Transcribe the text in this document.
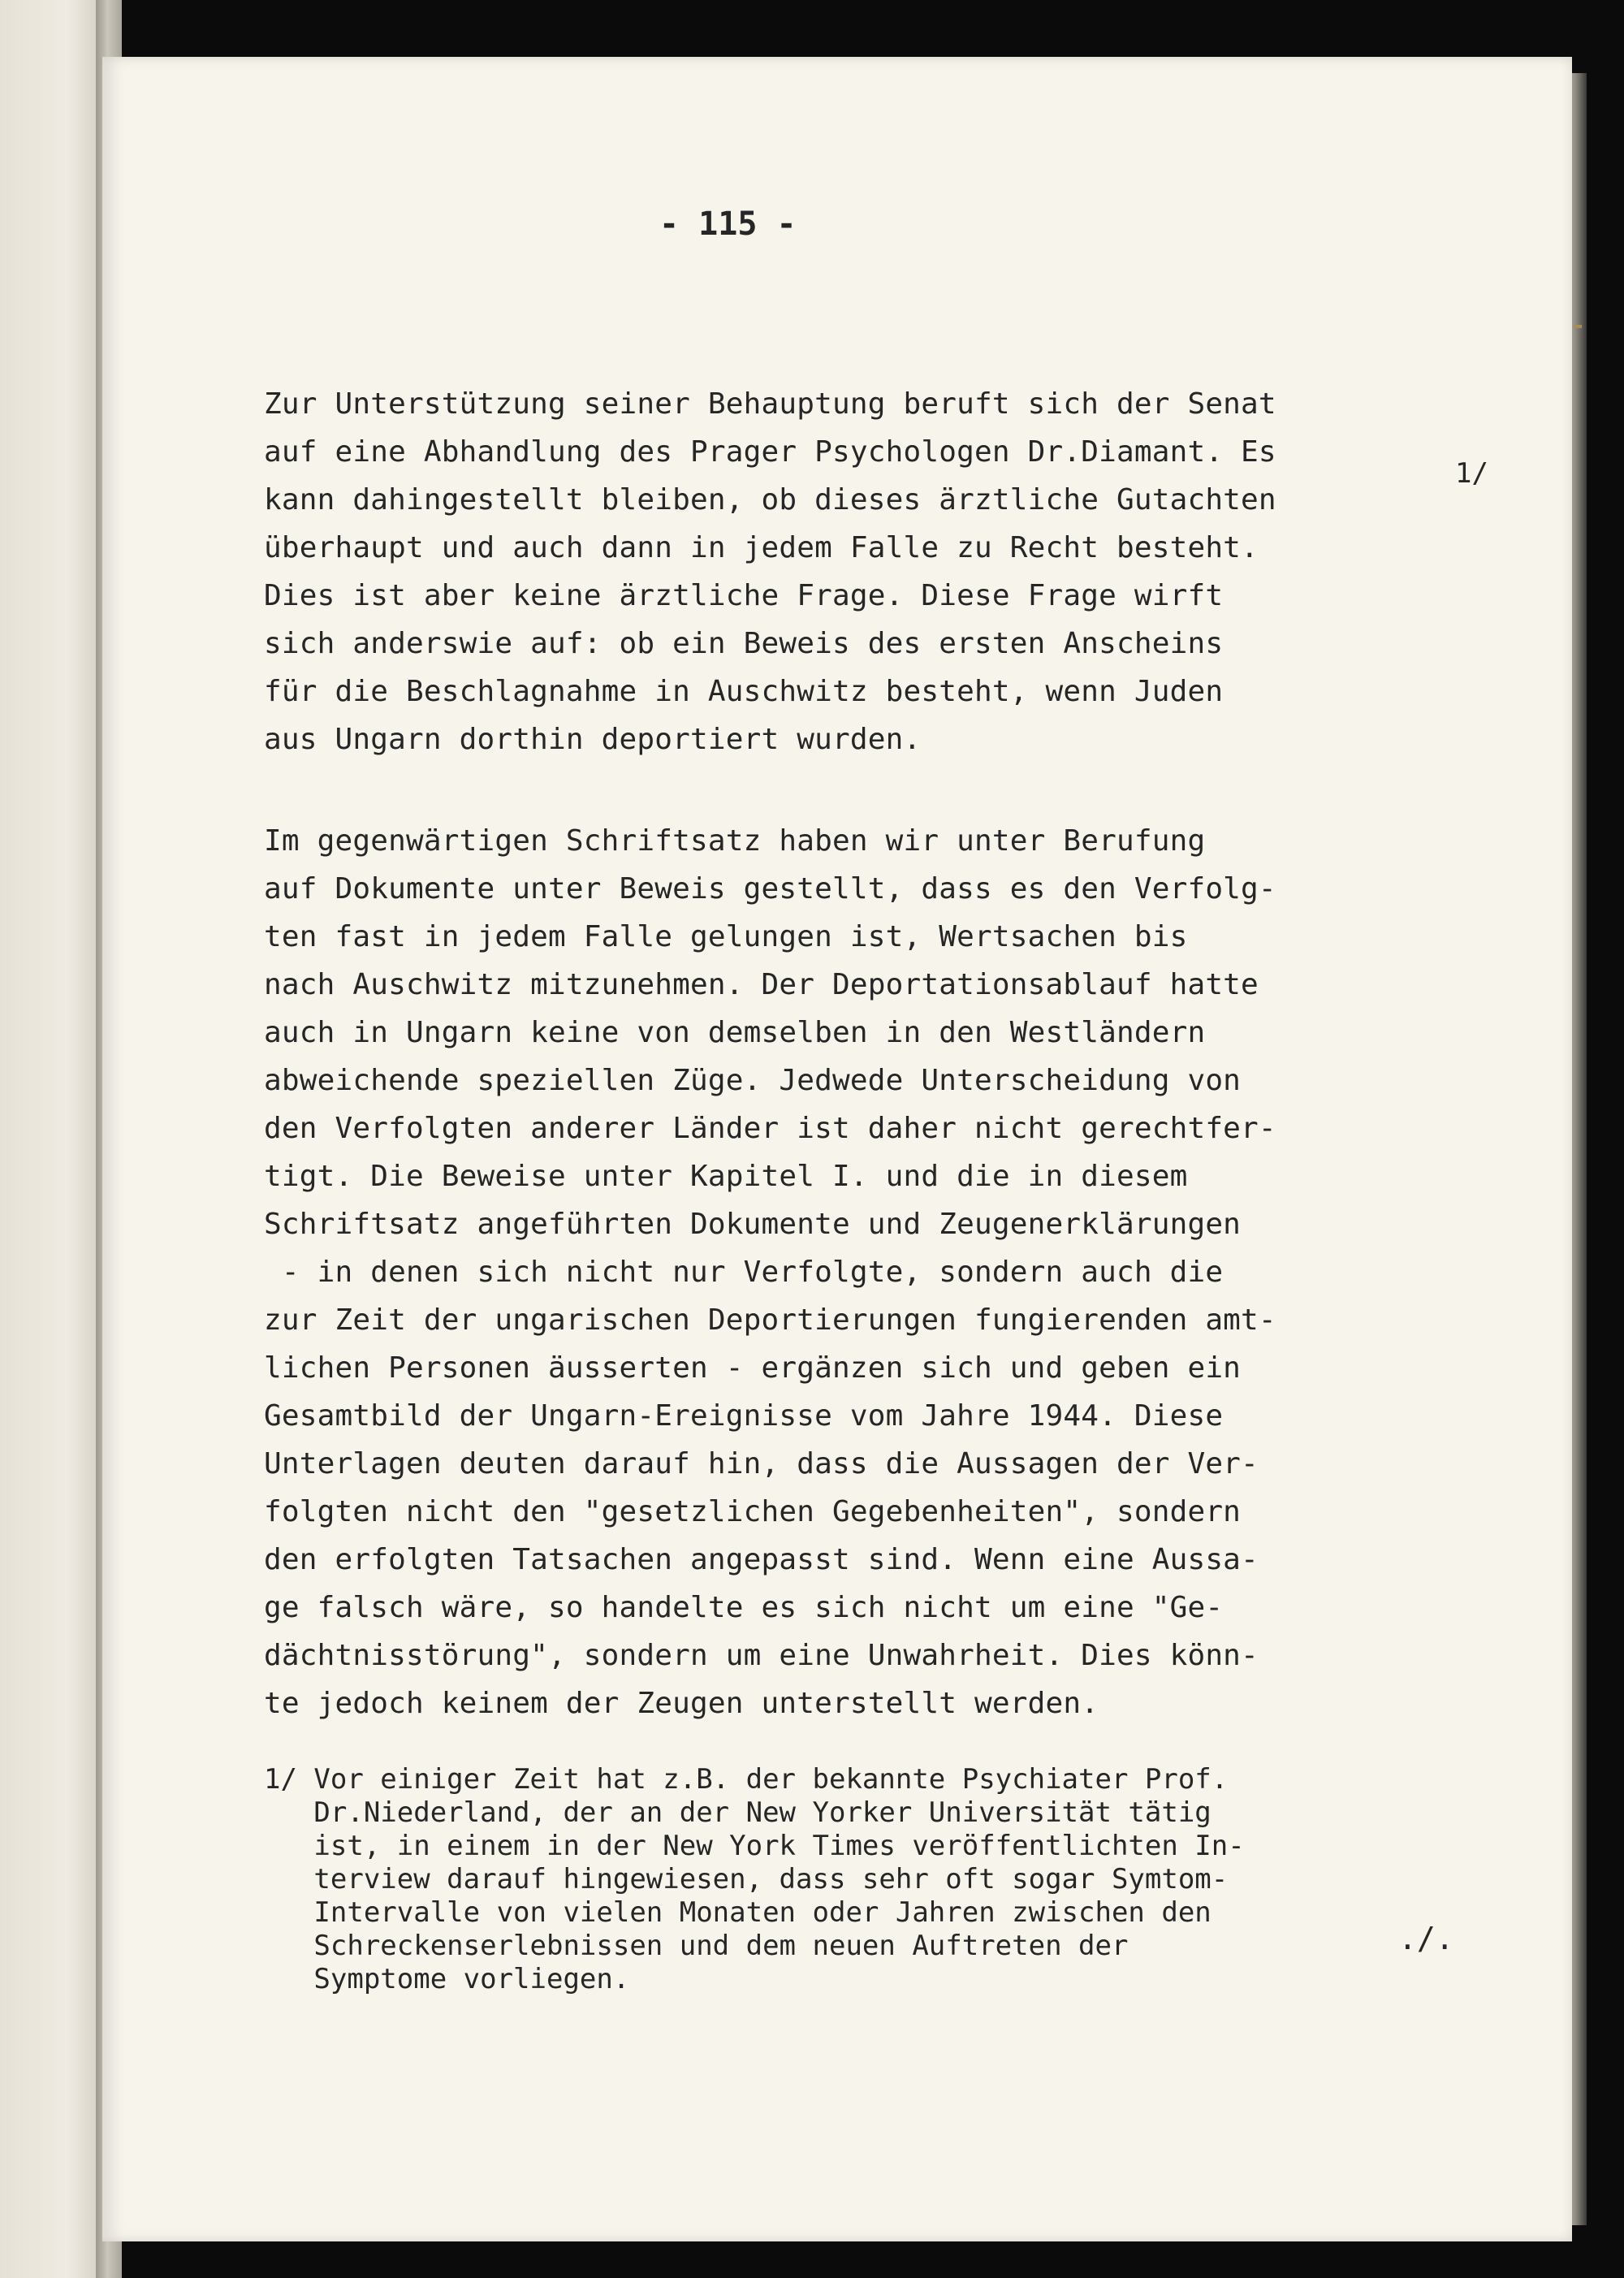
- 115 -
Zur Unterstützung seiner Behauptung beruft sich der Senat
auf eine Abhandlung des Prager Psychologen Dr.Diamant. Es
kann dahingestellt bleiben, ob dieses ärztliche Gutachten
überhaupt und auch dann in jedem Falle zu Recht besteht.
Dies ist aber keine ärztliche Frage. Diese Frage wirft
sich anderswie auf: ob ein Beweis des ersten Anscheins
für die Beschlagnahme in Auschwitz besteht, wenn Juden
aus Ungarn dorthin deportiert wurden.
1/
Im gegenwärtigen Schriftsatz haben wir unter Berufung
auf Dokumente unter Beweis gestellt, dass es den Verfolg-
ten fast in jedem Falle gelungen ist, Wertsachen bis
nach Auschwitz mitzunehmen. Der Deportationsablauf hatte
auch in Ungarn keine von demselben in den Westländern
abweichende speziellen Züge. Jedwede Unterscheidung von
den Verfolgten anderer Länder ist daher nicht gerechtfer-
tigt. Die Beweise unter Kapitel I. und die in diesem
Schriftsatz angeführten Dokumente und Zeugenerklärungen
- in denen sich nicht nur Verfolgte, sondern auch die
zur Zeit der ungarischen Deportierungen fungierenden amt-
lichen Personen äusserten - ergänzen sich und geben ein
Gesamtbild der Ungarn-Ereignisse vom Jahre 1944. Diese
Unterlagen deuten darauf hin, dass die Aussagen der Ver-
folgten nicht den "gesetzlichen Gegebenheiten", sondern
den erfolgten Tatsachen angepasst sind. Wenn eine Aussa-
ge falsch wäre, so handelte es sich nicht um eine "Ge-
dächtnisstörung", sondern um eine Unwahrheit. Dies könn-
te jedoch keinem der Zeugen unterstellt werden.
1/ Vor einiger Zeit hat z.B. der bekannte Psychiater Prof.
Dr.Niederland, der an der New Yorker Universität tätig
ist, in einem in der New York Times veröffentlichten In-
terview darauf hingewiesen, dass sehr oft sogar Symtom-
Intervalle von vielen Monaten oder Jahren zwischen den
Schreckenserlebnissen und dem neuen Auftreten der
Symptome vorliegen.
./.
